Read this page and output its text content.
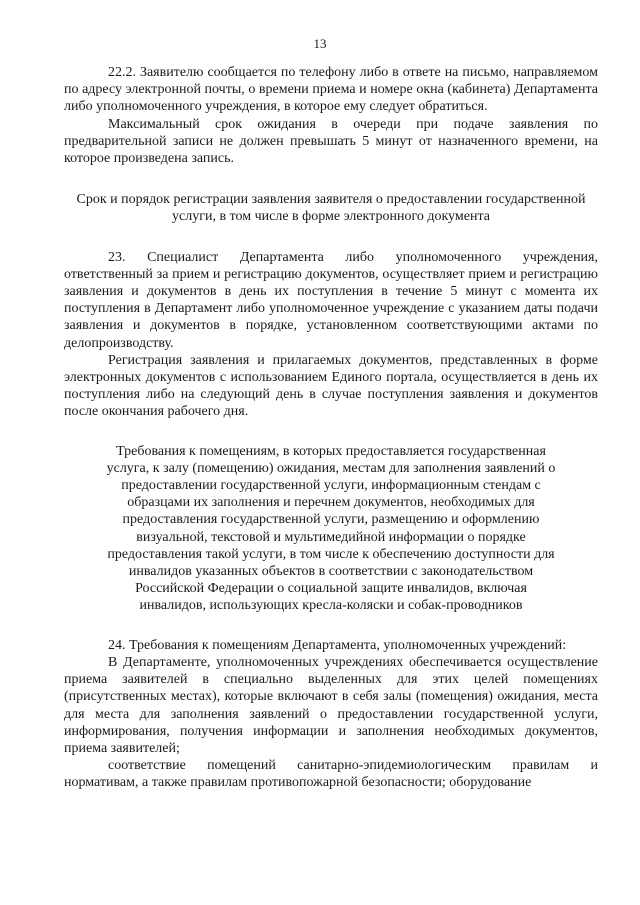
13

22.2. Заявителю сообщается по телефону либо в ответе на письмо, направляемом по адресу электронной почты, о времени приема и номере окна (кабинета) Департамента либо уполномоченного учреждения, в которое ему следует обратиться.

Максимальный срок ожидания в очереди при подаче заявления по предварительной записи не должен превышать 5 минут от назначенного времени, на которое произведена запись.

Срок и порядок регистрации заявления заявителя о предоставлении государственной услуги, в том числе в форме электронного документа

23. Специалист Департамента либо уполномоченного учреждения, ответственный за прием и регистрацию документов, осуществляет прием и регистрацию заявления и документов в день их поступления в течение 5 минут с момента их поступления в Департамент либо уполномоченное учреждение с указанием даты подачи заявления и документов в порядке, установленном соответствующими актами по делопроизводству.

Регистрация заявления и прилагаемых документов, представленных в форме электронных документов с использованием Единого портала, осуществляется в день их поступления либо на следующий день в случае поступления заявления и документов после окончания рабочего дня.

Требования к помещениям, в которых предоставляется государственная услуга, к залу (помещению) ожидания, местам для заполнения заявлений о предоставлении государственной услуги, информационным стендам с образцами их заполнения и перечнем документов, необходимых для предоставления государственной услуги, размещению и оформлению визуальной, текстовой и мультимедийной информации о порядке предоставления такой услуги, в том числе к обеспечению доступности для инвалидов указанных объектов в соответствии с законодательством Российской Федерации о социальной защите инвалидов, включая инвалидов, использующих кресла-коляски и собак-проводников

24. Требования к помещениям Департамента, уполномоченных учреждений:

В Департаменте, уполномоченных учреждениях обеспечивается осуществление приема заявителей в специально выделенных для этих целей помещениях (присутственных местах), которые включают в себя залы (помещения) ожидания, места для места для заполнения заявлений о предоставлении государственной услуги, информирования, получения информации и заполнения необходимых документов, приема заявителей;

соответствие помещений санитарно-эпидемиологическим правилам и нормативам, а также правилам противопожарной безопасности; оборудование
